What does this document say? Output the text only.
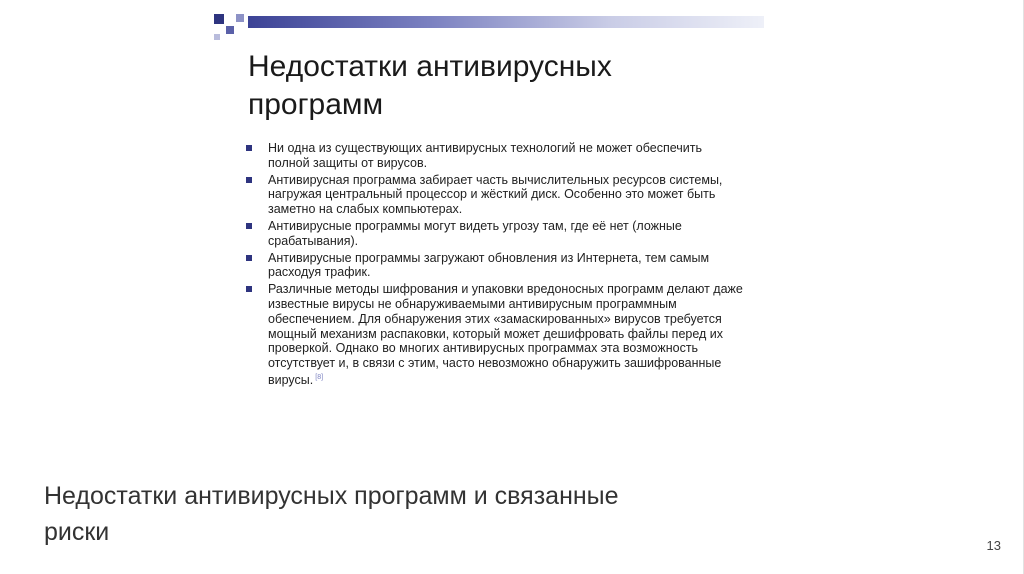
Недостатки антивирусных программ
Ни одна из существующих антивирусных технологий не может обеспечить полной защиты от вирусов.
Антивирусная программа забирает часть вычислительных ресурсов системы, нагружая центральный процессор и жёсткий диск. Особенно это может быть заметно на слабых компьютерах.
Антивирусные программы могут видеть угрозу там, где её нет (ложные срабатывания).
Антивирусные программы загружают обновления из Интернета, тем самым расходуя трафик.
Различные методы шифрования и упаковки вредоносных программ делают даже известные вирусы не обнаруживаемыми антивирусным программным обеспечением. Для обнаружения этих «замаскированных» вирусов требуется мощный механизм распаковки, который может дешифровать файлы перед их проверкой. Однако во многих антивирусных программах эта возможность отсутствует и, в связи с этим, часто невозможно обнаружить зашифрованные вирусы. [8]
Недостатки антивирусных программ и связанные риски	13
